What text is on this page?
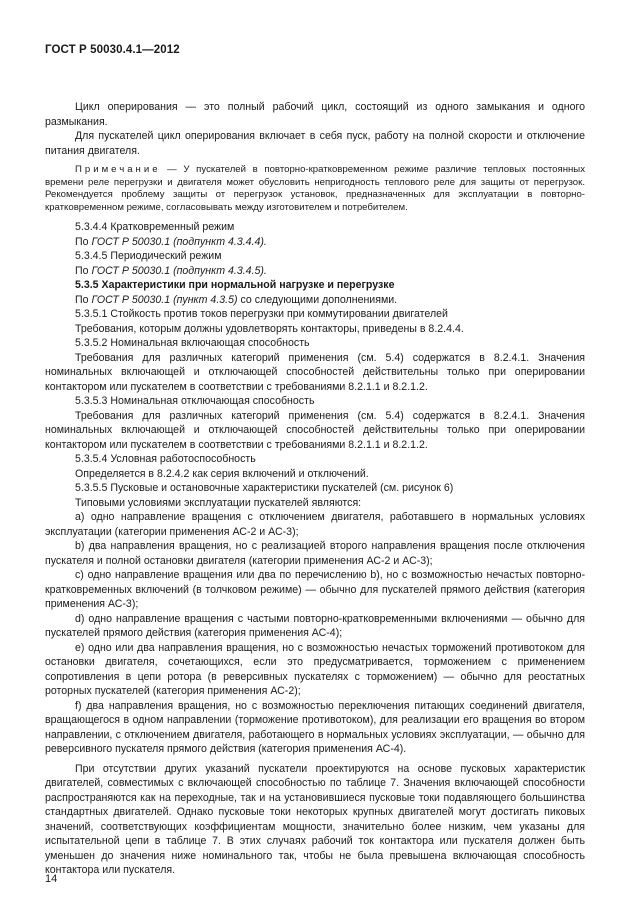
ГОСТ Р 50030.4.1—2012

Цикл оперирования — это полный рабочий цикл, состоящий из одного замыкания и одного размыкания.

Для пускателей цикл оперирования включает в себя пуск, работу на полной скорости и отключение питания двигателя.

Примечание — У пускателей в повторно-кратковременном режиме различие тепловых постоянных времени реле перегрузки и двигателя может обусловить непригодность теплового реле для защиты от перегрузок. Рекомендуется проблему защиты от перегрузок установок, предназначенных для эксплуатации в повторно-кратковременном режиме, согласовывать между изготовителем и потребителем.

5.3.4.4 Кратковременный режим

По ГОСТ Р 50030.1 (подпункт 4.3.4.4).

5.3.4.5 Периодический режим

По ГОСТ Р 50030.1 (подпункт 4.3.4.5).

5.3.5 Характеристики при нормальной нагрузке и перегрузке

По ГОСТ Р 50030.1 (пункт 4.3.5) со следующими дополнениями.

5.3.5.1 Стойкость против токов перегрузки при коммутировании двигателей

Требования, которым должны удовлетворять контакторы, приведены в 8.2.4.4.

5.3.5.2 Номинальная включающая способность

Требования для различных категорий применения (см. 5.4) содержатся в 8.2.4.1. Значения номинальных включающей и отключающей способностей действительны только при оперировании контактором или пускателем в соответствии с требованиями 8.2.1.1 и 8.2.1.2.

5.3.5.3 Номинальная отключающая способность

Требования для различных категорий применения (см. 5.4) содержатся в 8.2.4.1. Значения номинальных включающей и отключающей способностей действительны только при оперировании контактором или пускателем в соответствии с требованиями 8.2.1.1 и 8.2.1.2.

5.3.5.4 Условная работоспособность

Определяется в 8.2.4.2 как серия включений и отключений.

5.3.5.5 Пусковые и остановочные характеристики пускателей (см. рисунок 6)

Типовыми условиями эксплуатации пускателей являются:

a) одно направление вращения с отключением двигателя, работавшего в нормальных условиях эксплуатации (категории применения АС-2 и АС-3);

b) два направления вращения, но с реализацией второго направления вращения после отключения пускателя и полной остановки двигателя (категории применения АС-2 и АС-3);

c) одно направление вращения или два по перечислению b), но с возможностью нечастых повторно-кратковременных включений (в толчковом режиме) — обычно для пускателей прямого действия (категория применения АС-3);

d) одно направление вращения с частыми повторно-кратковременными включениями — обычно для пускателей прямого действия (категория применения АС-4);

e) одно или два направления вращения, но с возможностью нечастых торможений противотоком для остановки двигателя, сочетающихся, если это предусматривается, торможением с применением сопротивления в цепи ротора (в реверсивных пускателях с торможением) — обычно для реостатных роторных пускателей (категория применения АС-2);

f) два направления вращения, но с возможностью переключения питающих соединений двигателя, вращающегося в одном направлении (торможение противотоком), для реализации его вращения во втором направлении, с отключением двигателя, работающего в нормальных условиях эксплуатации, — обычно для реверсивного пускателя прямого действия (категория применения АС-4).

При отсутствии других указаний пускатели проектируются на основе пусковых характеристик двигателей, совместимых с включающей способностью по таблице 7. Значения включающей способности распространяются как на переходные, так и на установившиеся пусковые токи подавляющего большинства стандартных двигателей. Однако пусковые токи некоторых крупных двигателей могут достигать пиковых значений, соответствующих коэффициентам мощности, значительно более низким, чем указаны для испытательной цепи в таблице 7. В этих случаях рабочий ток контактора или пускателя должен быть уменьшен до значения ниже номинального так, чтобы не была превышена включающая способность контактора или пускателя.

14
